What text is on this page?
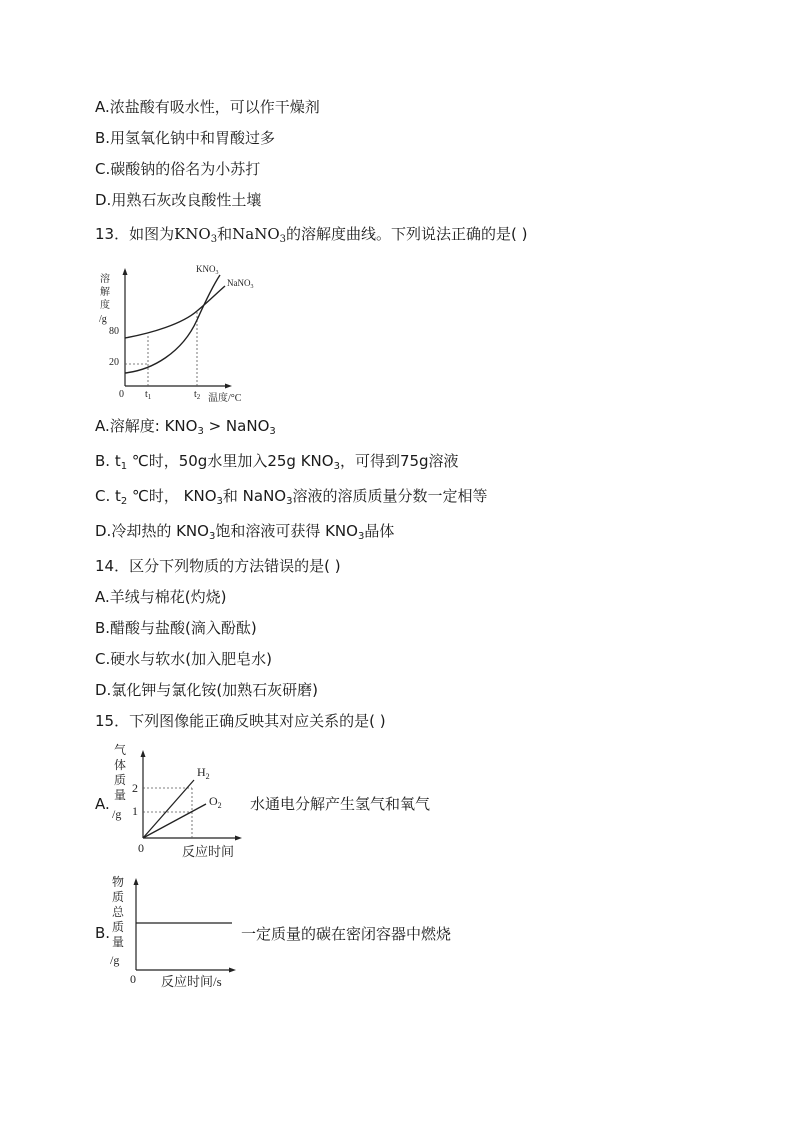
A.浓盐酸有吸水性，可以作干燥剂
B.用氢氧化钠中和胃酸过多
C.碳酸钠的俗名为小苏打
D.用熟石灰改良酸性土壤
13．如图为$KNO_3$和NaNO$_3$的溶解度曲线。下列说法正确的是( )
溶
解
度
/g
0
80
20
$t_1$	$t_2$ 温度/°C
$KNO_3$
NaNO$_3$
A.溶解度: $KNO_3$ > NaNO$_3$
B. $t_1$ ℃时，50g水里加入25g $KNO_3$，可得到75g溶液
C. $t_2$ ℃时， $KNO_3$和 NaNO$_3$溶液的溶质质量分数一定相等
D.冷却热的 $KNO_3$饱和溶液可获得 $KNO_3$晶体
14．区分下列物质的方法错误的是( )
A.羊绒与棉花(灼烧)
B.醋酸与盐酸(滴入酚酞)
C.硬水与软水(加入肥皂水)
D.氯化钾与氯化铵(加熟石灰研磨)
15．下列图像能正确反映其对应关系的是( )
A.
气
体
质
量
/g
0	反应时间
2
1
$H_2$
$O_2$ 水通电分解产生氢气和氧气
B.
物
质
总
质
量
/g
0 反应时间/s
一定质量的碳在密闭容器中燃烧
